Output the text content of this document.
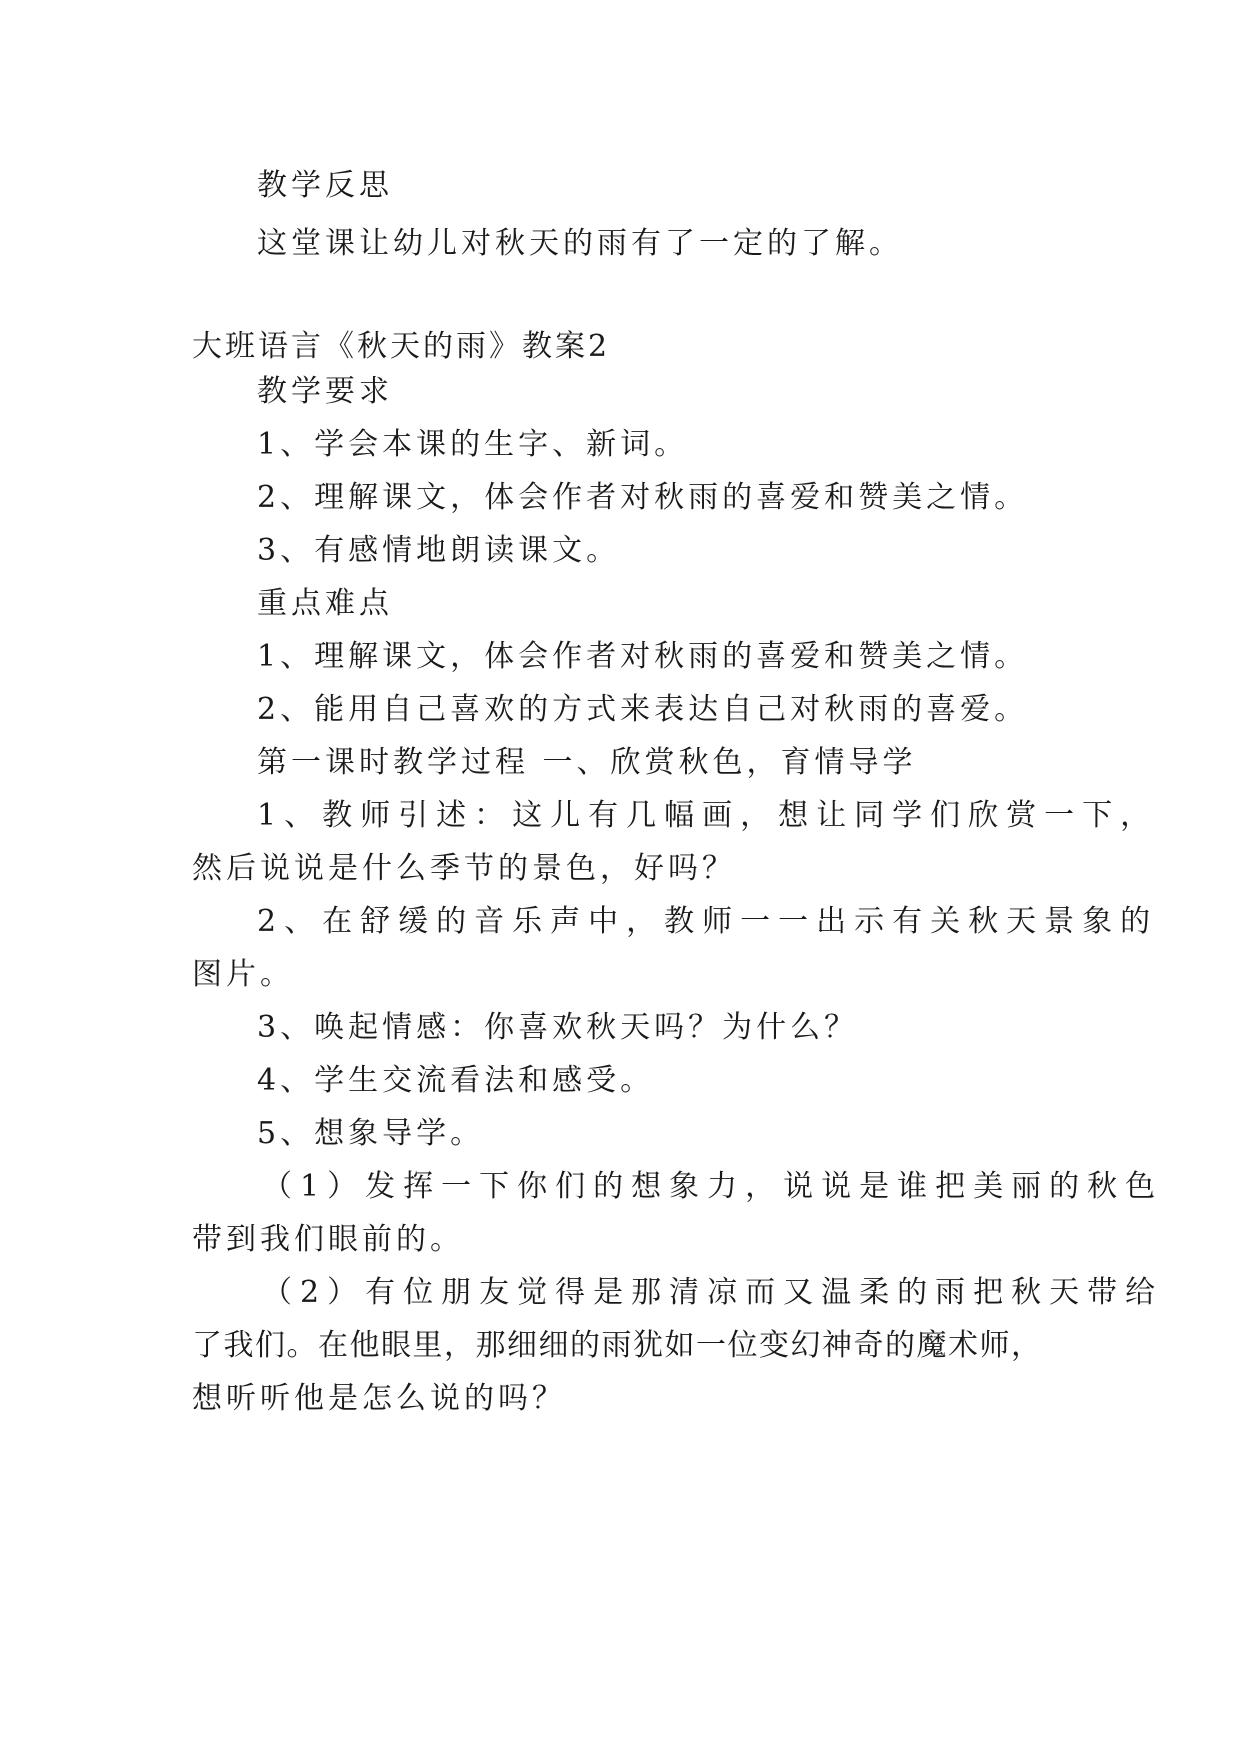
教学反思
这堂课让幼儿对秋天的雨有了一定的了解。
大班语言《秋天的雨》教案2
教学要求
1、学会本课的生字、新词。
2、理解课文，体会作者对秋雨的喜爱和赞美之情。
3、有感情地朗读课文。
重点难点
1、理解课文，体会作者对秋雨的喜爱和赞美之情。
2、能用自己喜欢的方式来表达自己对秋雨的喜爱。
第一课时教学过程 一、欣赏秋色，育情导学
1、教师引述：这儿有几幅画，想让同学们欣赏一下，
然后说说是什么季节的景色，好吗？
2、在舒缓的音乐声中，教师一一出示有关秋天景象的
图片。
3、唤起情感：你喜欢秋天吗？为什么？
4、学生交流看法和感受。
5、想象导学。
（1）发挥一下你们的想象力，说说是谁把美丽的秋色
带到我们眼前的。
（2）有位朋友觉得是那清凉而又温柔的雨把秋天带给
了我们。在他眼里，那细细的雨犹如一位变幻神奇的魔术师，
想听听他是怎么说的吗？
